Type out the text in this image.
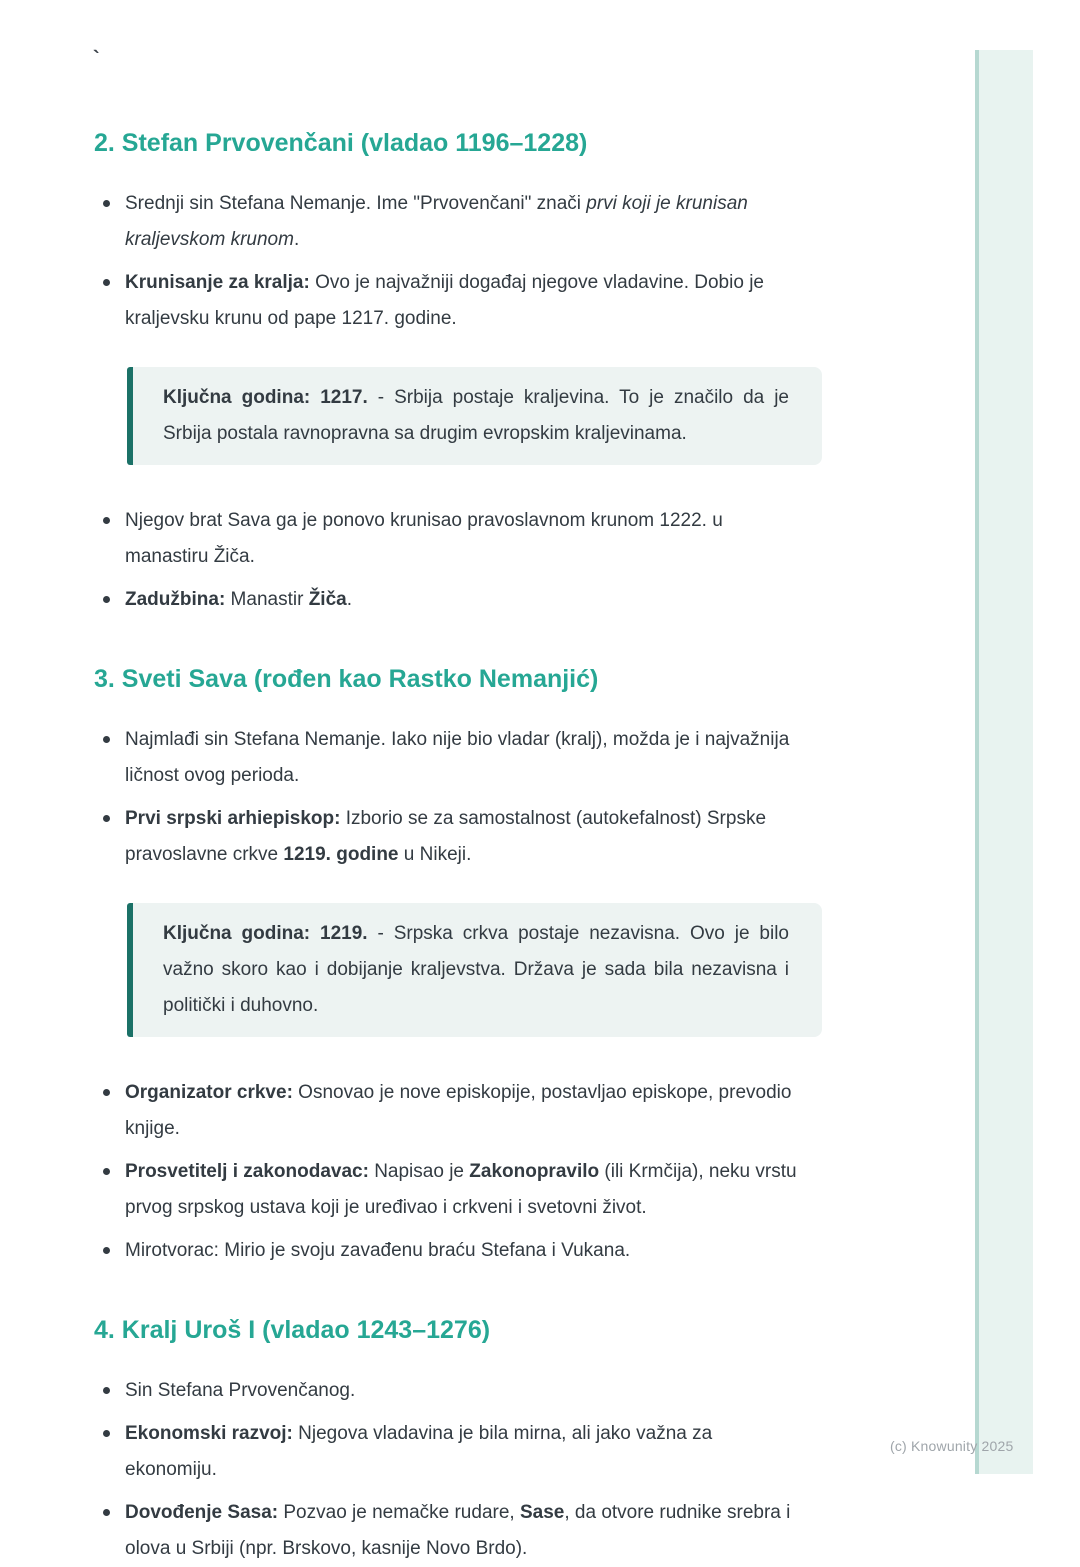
`
2. Stefan Prvovenčani (vladao 1196–1228)
Srednji sin Stefana Nemanje. Ime "Prvovenčani" znači prvi koji je krunisan kraljevskom krunom.
Krunisanje za kralja: Ovo je najvažniji događaj njegove vladavine. Dobio je kraljevsku krunu od pape 1217. godine.

Ključna godina: 1217. - Srbija postaje kraljevina. To je značilo da je Srbija postala ravnopravna sa drugim evropskim kraljevinama.

Njegov brat Sava ga je ponovo krunisao pravoslavnom krunom 1222. u manastiru Žiča.
Zadužbina: Manastir Žiča.
3. Sveti Sava (rođen kao Rastko Nemanjić)
Najmlađi sin Stefana Nemanje. Iako nije bio vladar (kralj), možda je i najvažnija ličnost ovog perioda.
Prvi srpski arhiepiskop: Izborio se za samostalnost (autokefalnost) Srpske pravoslavne crkve 1219. godine u Nikeji.

Ključna godina: 1219. - Srpska crkva postaje nezavisna. Ovo je bilo važno skoro kao i dobijanje kraljevstva. Država je sada bila nezavisna i politički i duhovno.

Organizator crkve: Osnovao je nove episkopije, postavljao episkope, prevodio knjige.
Prosvetitelj i zakonodavac: Napisao je Zakonopravilo (ili Krmčija), neku vrstu prvog srpskog ustava koji je uređivao i crkveni i svetovni život.
Mirotvorac: Mirio je svoju zavađenu braću Stefana i Vukana.
4. Kralj Uroš I (vladao 1243–1276)
Sin Stefana Prvovenčanog.
Ekonomski razvoj: Njegova vladavina je bila mirna, ali jako važna za ekonomiju.
Dovođenje Sasa: Pozvao je nemačke rudare, Sase, da otvore rudnike srebra i olova u Srbiji (npr. Brskovo, kasnije Novo Brdo).
(c) Knowunity 2025
